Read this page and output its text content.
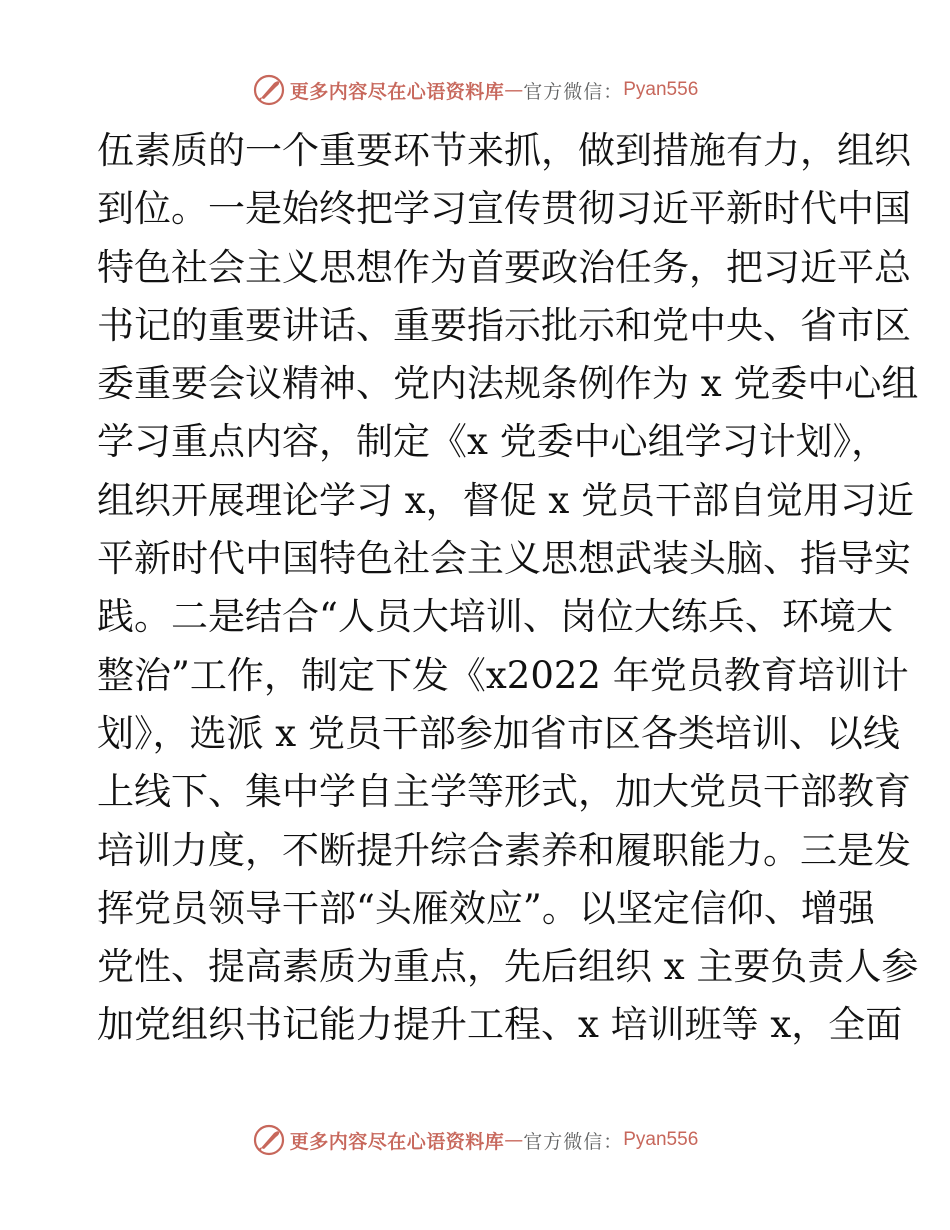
更多内容尽在心语资料库 — 官方微信： Pyan556
伍素质的一个重要环节来抓，做到措施有力，组织
到位。一是始终把学习宣传贯彻习近平新时代中国
特色社会主义思想作为首要政治任务，把习近平总
书记的重要讲话、重要指示批示和党中央、省市区
委重要会议精神、党内法规条例作为 x 党委中心组
学习重点内容，制定《x 党委中心组学习计划》，
组织开展理论学习 x，督促 x 党员干部自觉用习近
平新时代中国特色社会主义思想武装头脑、指导实
践。二是结合“人员大培训、岗位大练兵、环境大
整治”工作，制定下发《x2022 年党员教育培训计
划》，选派 x 党员干部参加省市区各类培训、以线
上线下、集中学自主学等形式，加大党员干部教育
培训力度，不断提升综合素养和履职能力。三是发
挥党员领导干部“头雁效应”。以坚定信仰、增强
党性、提高素质为重点，先后组织 x 主要负责人参
加党组织书记能力提升工程、x 培训班等 x，全面
更多内容尽在心语资料库 — 官方微信： Pyan556
